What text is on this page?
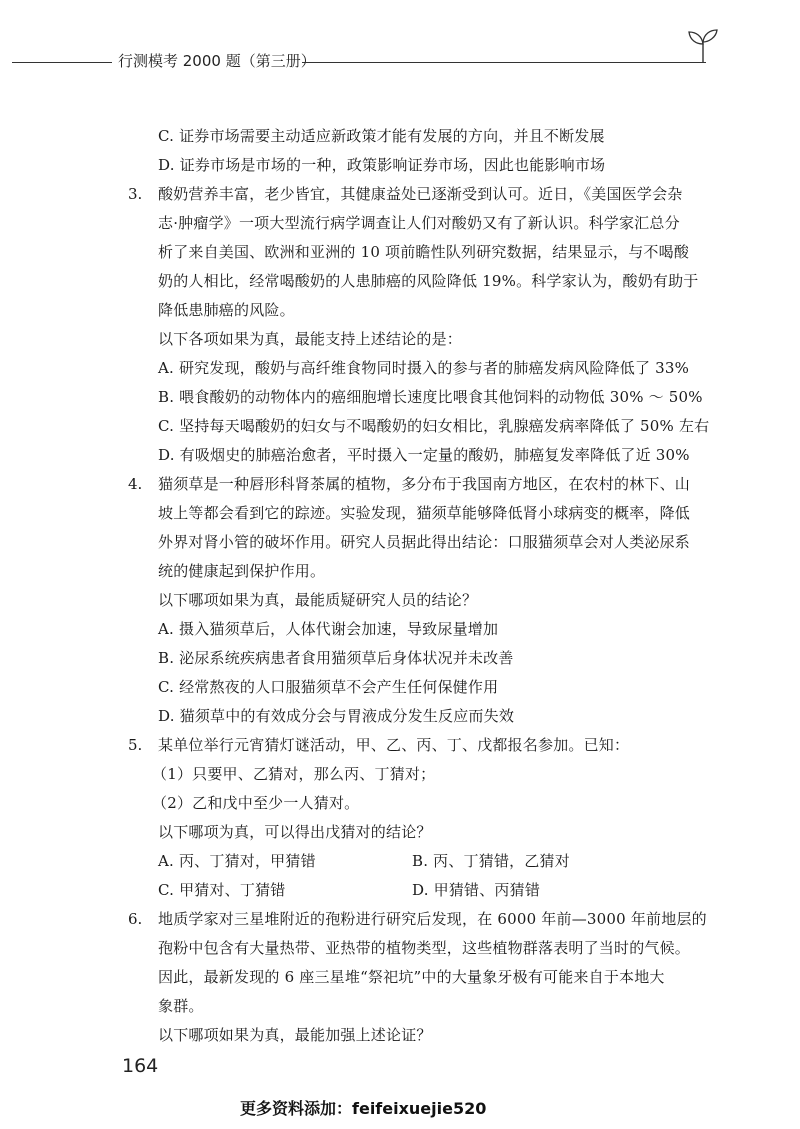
行测模考 2000 题（第三册）
C. 证券市场需要主动适应新政策才能有发展的方向，并且不断发展
D. 证券市场是市场的一种，政策影响证券市场，因此也能影响市场
3. 酸奶营养丰富，老少皆宜，其健康益处已逐渐受到认可。近日，《美国医学会杂
志·肿瘤学》一项大型流行病学调查让人们对酸奶又有了新认识。科学家汇总分
析了来自美国、欧洲和亚洲的 10 项前瞻性队列研究数据，结果显示，与不喝酸
奶的人相比，经常喝酸奶的人患肺癌的风险降低 19%。科学家认为，酸奶有助于
降低患肺癌的风险。
以下各项如果为真，最能支持上述结论的是：
A. 研究发现，酸奶与高纤维食物同时摄入的参与者的肺癌发病风险降低了 33%
B. 喂食酸奶的动物体内的癌细胞增长速度比喂食其他饲料的动物低 30% ～ 50%
C. 坚持每天喝酸奶的妇女与不喝酸奶的妇女相比，乳腺癌发病率降低了 50% 左右
D. 有吸烟史的肺癌治愈者，平时摄入一定量的酸奶，肺癌复发率降低了近 30%
4. 猫须草是一种唇形科肾茶属的植物，多分布于我国南方地区，在农村的林下、山
坡上等都会看到它的踪迹。实验发现，猫须草能够降低肾小球病变的概率，降低
外界对肾小管的破坏作用。研究人员据此得出结论：口服猫须草会对人类泌尿系
统的健康起到保护作用。
以下哪项如果为真，最能质疑研究人员的结论？
A. 摄入猫须草后，人体代谢会加速，导致尿量增加
B. 泌尿系统疾病患者食用猫须草后身体状况并未改善
C. 经常熬夜的人口服猫须草不会产生任何保健作用
D. 猫须草中的有效成分会与胃液成分发生反应而失效
5. 某单位举行元宵猜灯谜活动，甲、乙、丙、丁、戊都报名参加。已知：
（1）只要甲、乙猜对，那么丙、丁猜对；
（2）乙和戊中至少一人猜对。
以下哪项为真，可以得出戊猜对的结论？
A. 丙、丁猜对，甲猜错	B. 丙、丁猜错，乙猜对
C. 甲猜对、丁猜错	D. 甲猜错、丙猜错
6. 地质学家对三星堆附近的孢粉进行研究后发现，在 6000 年前—3000 年前地层的
孢粉中包含有大量热带、亚热带的植物类型，这些植物群落表明了当时的气候。
因此，最新发现的 6 座三星堆“祭祀坑”中的大量象牙极有可能来自于本地大
象群。
以下哪项如果为真，最能加强上述论证？
164
更多资料添加：feifeixuejie520
